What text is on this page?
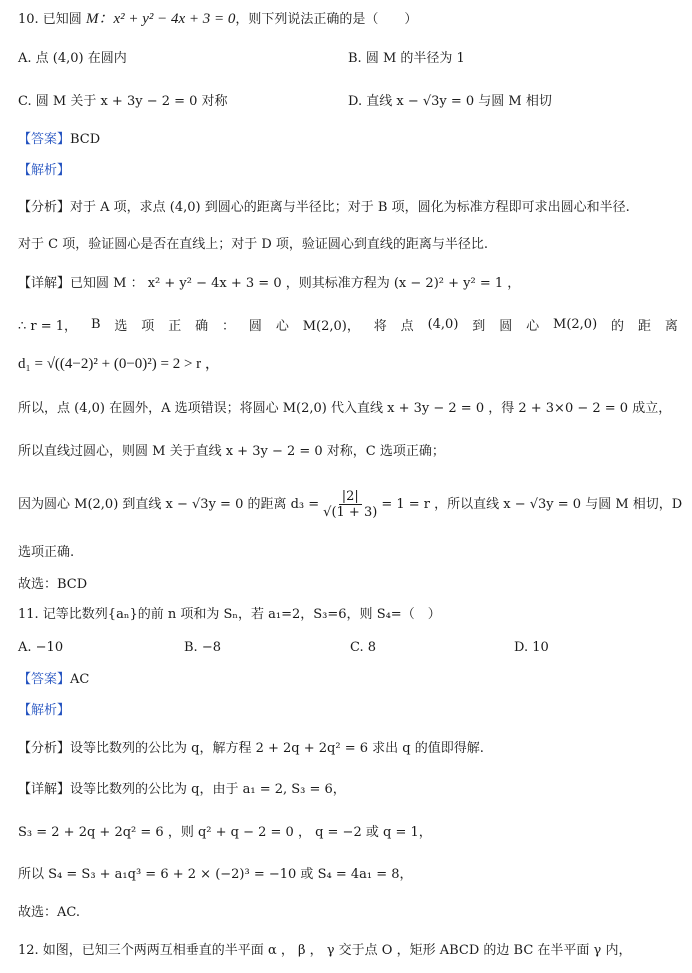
10. 已知圆 M：x² + y² − 4x + 3 = 0，则下列说法正确的是（　　）
A. 点 (4,0) 在圆内	B. 圆 M 的半径为 1
C. 圆 M 关于 x + 3y − 2 = 0 对称	D. 直线 x − √3y = 0 与圆 M 相切
【答案】BCD
【解析】
【分析】对于 A 项，求点 (4,0) 到圆心的距离与半径比；对于 B 项，圆化为标准方程即可求出圆心和半径.
对于 C 项，验证圆心是否在直线上；对于 D 项，验证圆心到直线的距离与半径比.
【详解】已知圆 M ： x² + y² − 4x + 3 = 0 ，则其标准方程为 (x − 2)² + y² = 1 ，
∴ r = 1， B 选 项 正 确 ： 圆 心 M(2,0)， 将 点 (4,0) 到 圆 心 M(2,0) 的 距 离
d₁ = √((4−2)² + (0−0)²) = 2 > r ，
所以，点 (4,0) 在圆外，A 选项错误；将圆心 M(2,0) 代入直线 x + 3y − 2 = 0 ，得 2 + 3×0 − 2 = 0 成立，
所以直线过圆心，则圆 M 关于直线 x + 3y − 2 = 0 对称，C 选项正确；
因为圆心 M(2,0) 到直线 x − √3y = 0 的距离 $d_3 = \frac{|2|}{√(1 + 3)} = 1 = r$ ，所以直线 x − √3y = 0 与圆 M 相切，D
选项正确.
故选：BCD
11. 记等比数列{aₙ}的前 n 项和为 Sₙ，若 a₁=2，S₃=6，则 S₄=（　）
A. −10	B. −8	C. 8	D. 10
【答案】AC
【解析】
【分析】设等比数列的公比为 q，解方程 2 + 2q + 2q² = 6 求出 q 的值即得解.
【详解】设等比数列的公比为 q，由于 a₁ = 2, S₃ = 6，
S₃ = 2 + 2q + 2q² = 6 ，则 q² + q − 2 = 0 ， q = −2 或 q = 1，
所以 S₄ = S₃ + a₁q³ = 6 + 2 × (−2)³ = −10 或 S₄ = 4a₁ = 8，
故选：AC.
12. 如图，已知三个两两互相垂直的半平面 α ， β ， γ 交于点 O ，矩形 ABCD 的边 BC 在半平面 γ 内，
